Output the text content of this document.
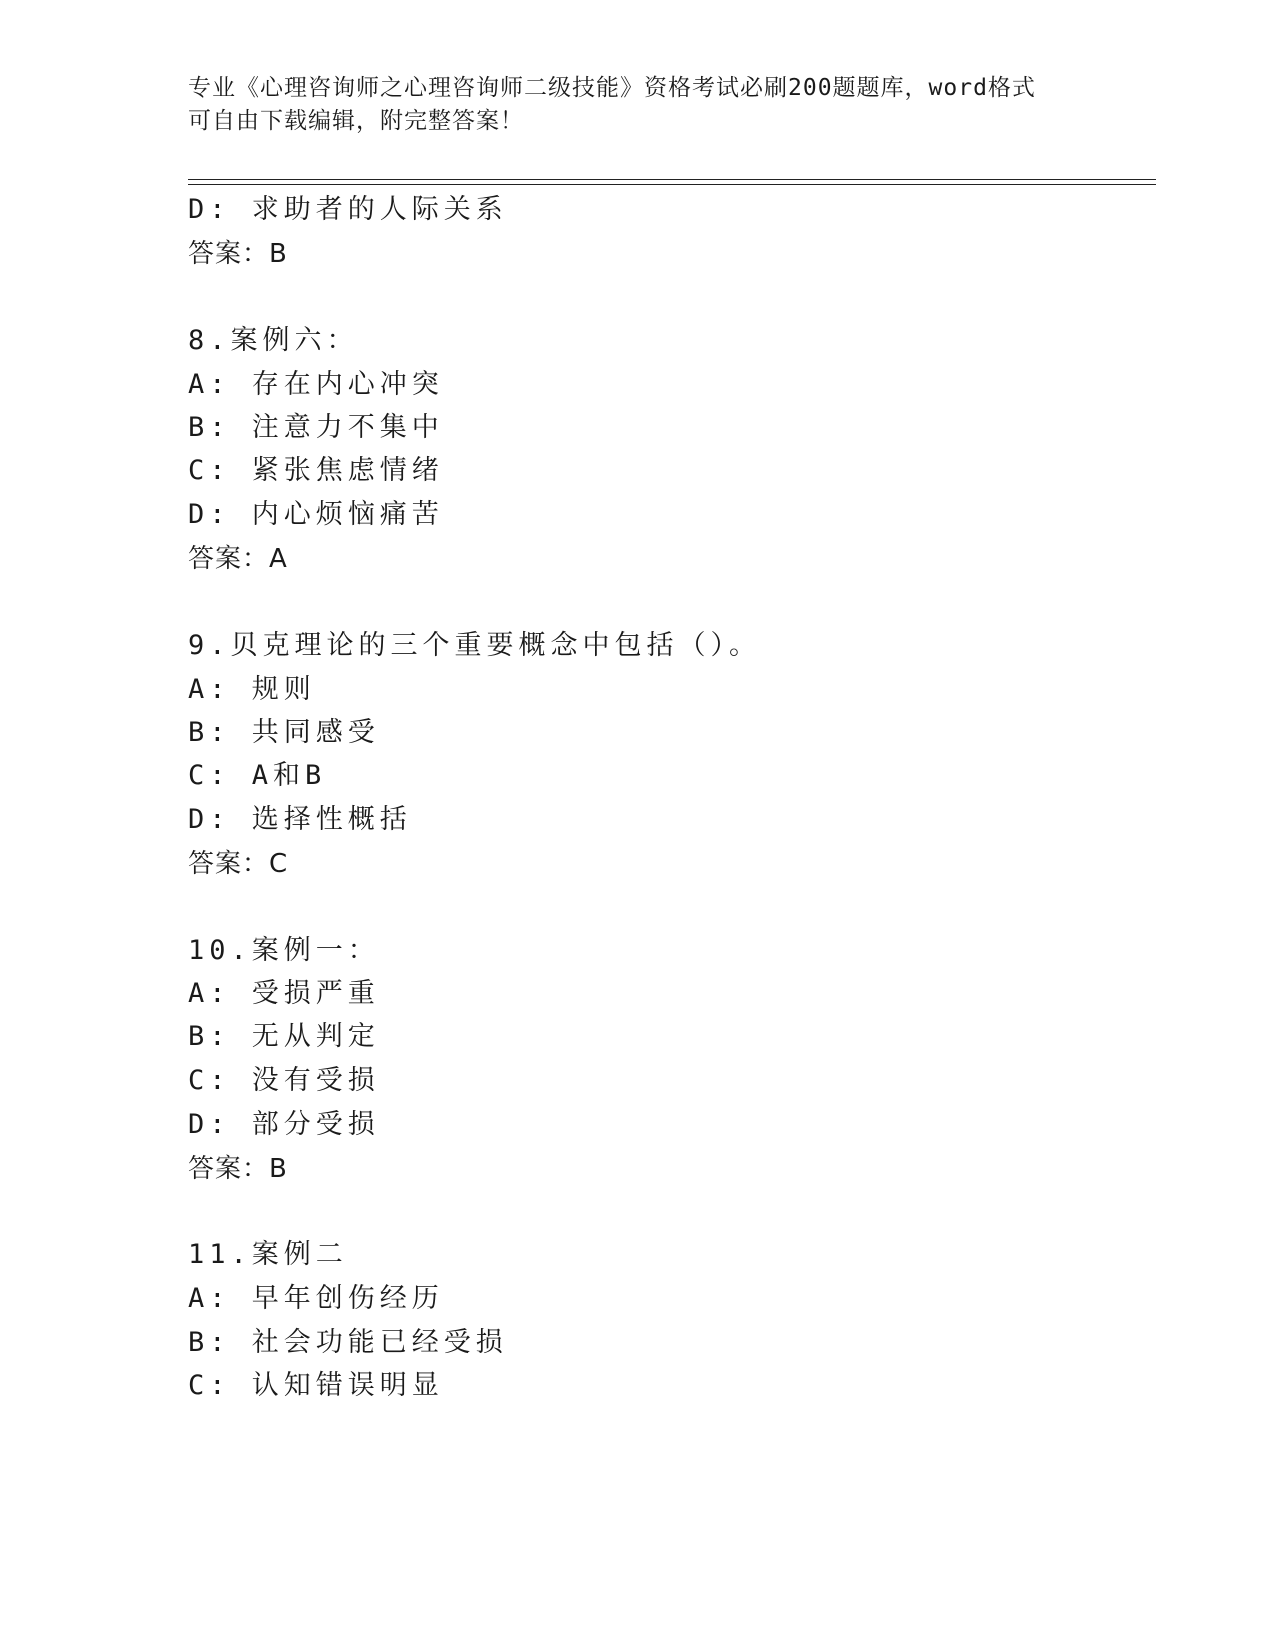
专业《心理咨询师之心理咨询师二级技能》资格考试必刷200题题库，word格式

可自由下载编辑，附完整答案！

D: 求助者的人际关系
答案：B
8.案例六：
A: 存在内心冲突
B: 注意力不集中
C: 紧张焦虑情绪
D: 内心烦恼痛苦
答案：A
9.贝克理论的三个重要概念中包括（）。
A: 规则
B: 共同感受
C: A和B
D: 选择性概括
答案：C
10.案例一：
A: 受损严重
B: 无从判定
C: 没有受损
D: 部分受损
答案：B
11.案例二
A: 早年创伤经历
B: 社会功能已经受损
C: 认知错误明显
